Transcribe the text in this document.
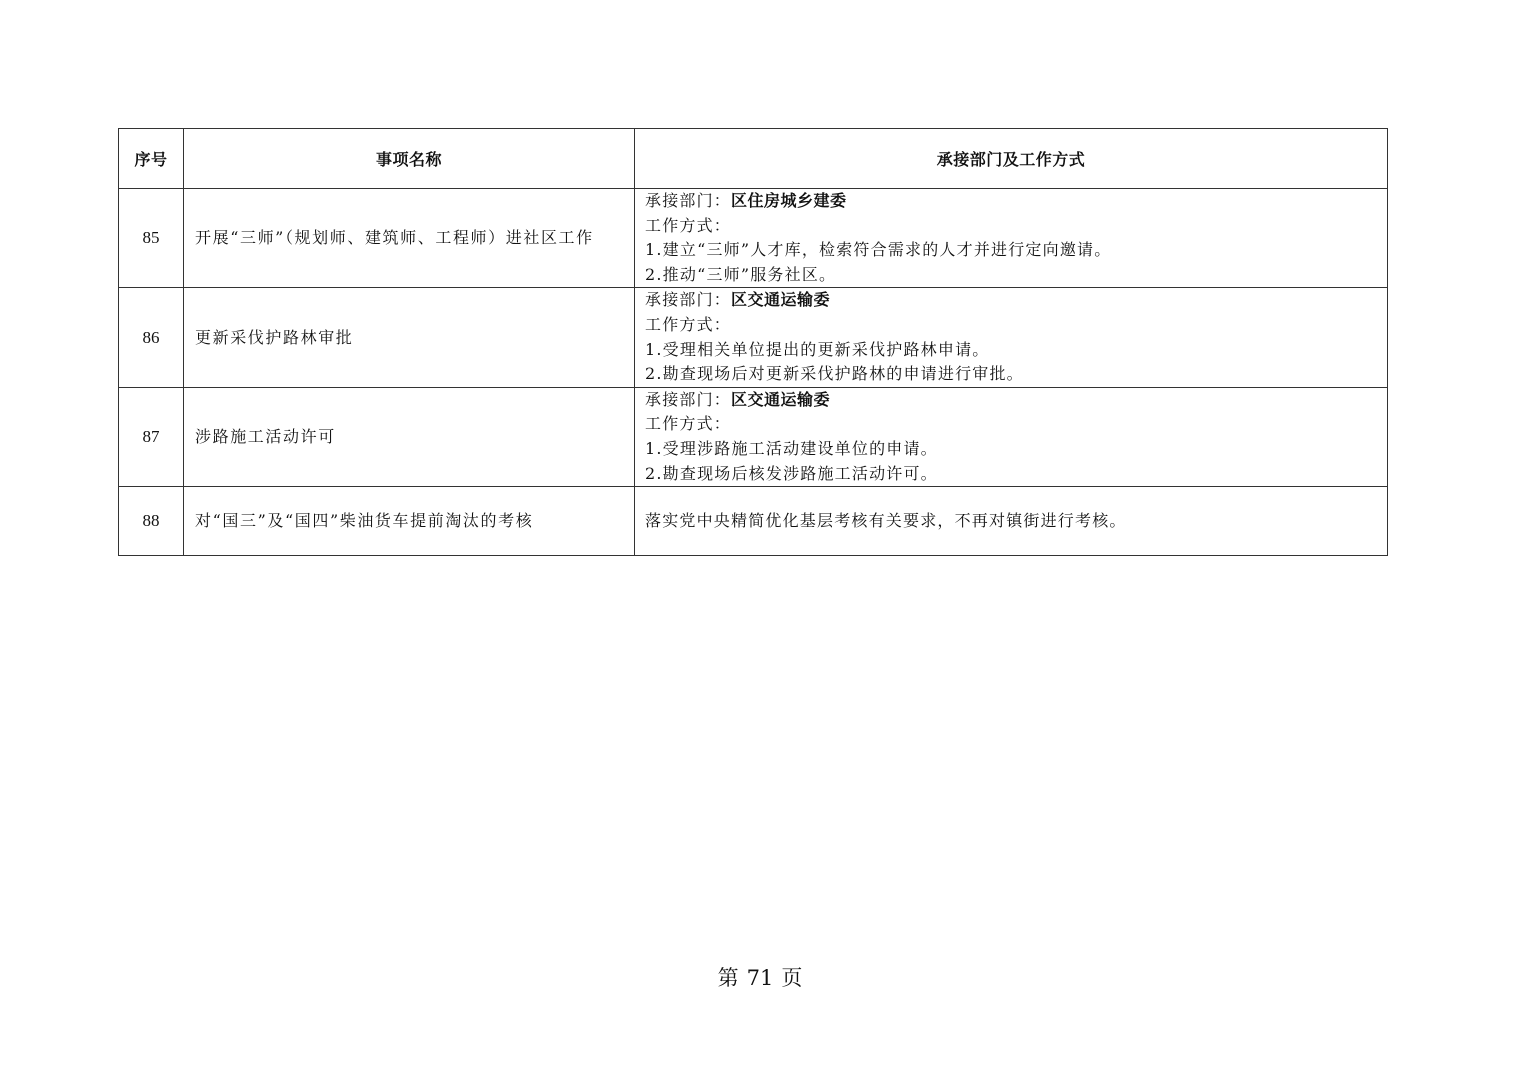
序号	事项名称	承接部门及工作方式
85	开展“三师”（规划师、建筑师、工程师）进社区工作	承接部门：区住房城乡建委
工作方式：
1.建立“三师”人才库，检索符合需求的人才并进行定向邀请。
2.推动“三师”服务社区。

86	更新采伐护路林审批	承接部门：区交通运输委
工作方式：
1.受理相关单位提出的更新采伐护路林申请。
2.勘查现场后对更新采伐护路林的申请进行审批。

87	涉路施工活动许可	承接部门：区交通运输委
工作方式：
1.受理涉路施工活动建设单位的申请。
2.勘查现场后核发涉路施工活动许可。

88	对“国三”及“国四”柴油货车提前淘汰的考核	落实党中央精简优化基层考核有关要求，不再对镇街进行考核。
第 71 页
